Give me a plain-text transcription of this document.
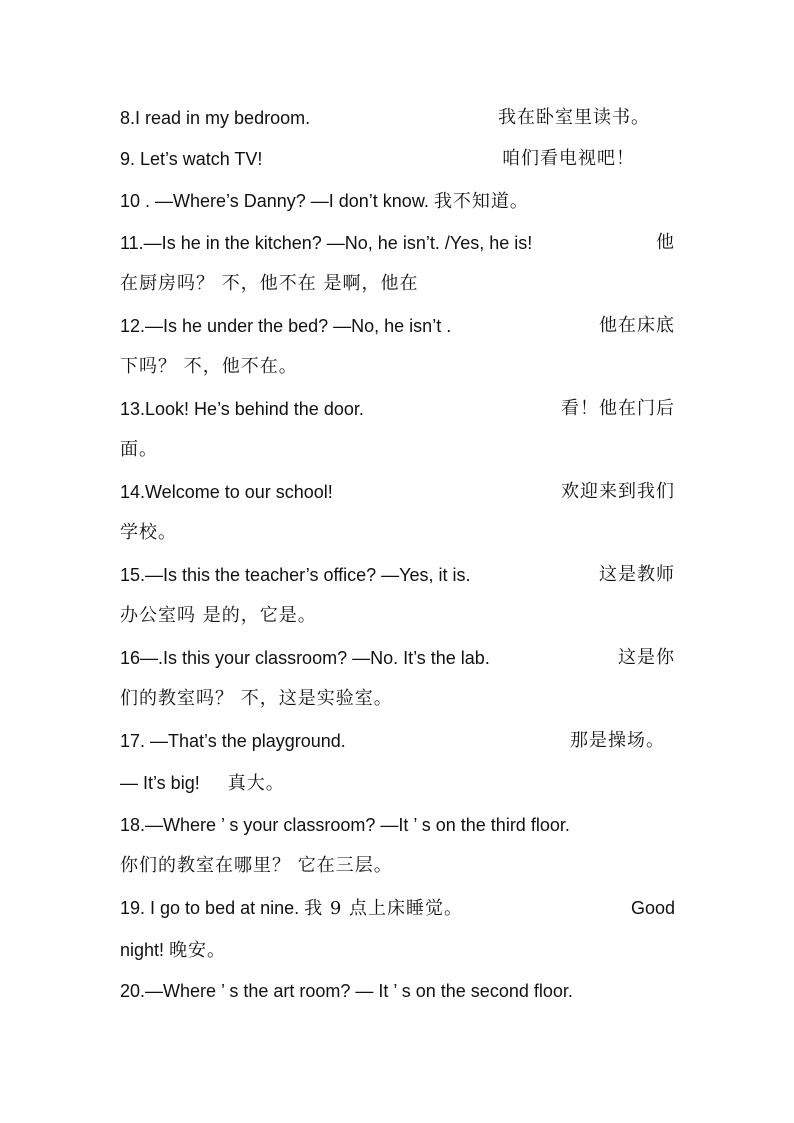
8.I read in my bedroom.	我在卧室里读书。
9. Let’s watch TV!	咱们看电视吧！
10 . —Where’s Danny? —I don’t know. 我不知道。
11.—Is he in the kitchen? —No, he isn’t. /Yes, he is!	他
在厨房吗？ 不，他不在 是啊，他在
12.—Is he under the bed? —No, he isn’t .	他在床底
下吗？ 不，他不在。
13.Look! He’s behind the door.	看！他在门后
面。
14.Welcome to our school!	欢迎来到我们
学校。
15.—Is this the teacher’s office? —Yes, it is.	这是教师
办公室吗 是的，它是。
16—.Is this your classroom? —No. It’s the lab.	这是你
们的教室吗？ 不，这是实验室。
17. —That’s the playground.	那是操场。
— It’s big! 真大。
18.—Where ’ s your classroom? —It ’ s on the third floor.
你们的教室在哪里？ 它在三层。
19. I go to bed at nine. 我 9 点上床睡觉。	Good
night! 晚安。
20.—Where ’ s the art room? — It ’ s on the second floor.
